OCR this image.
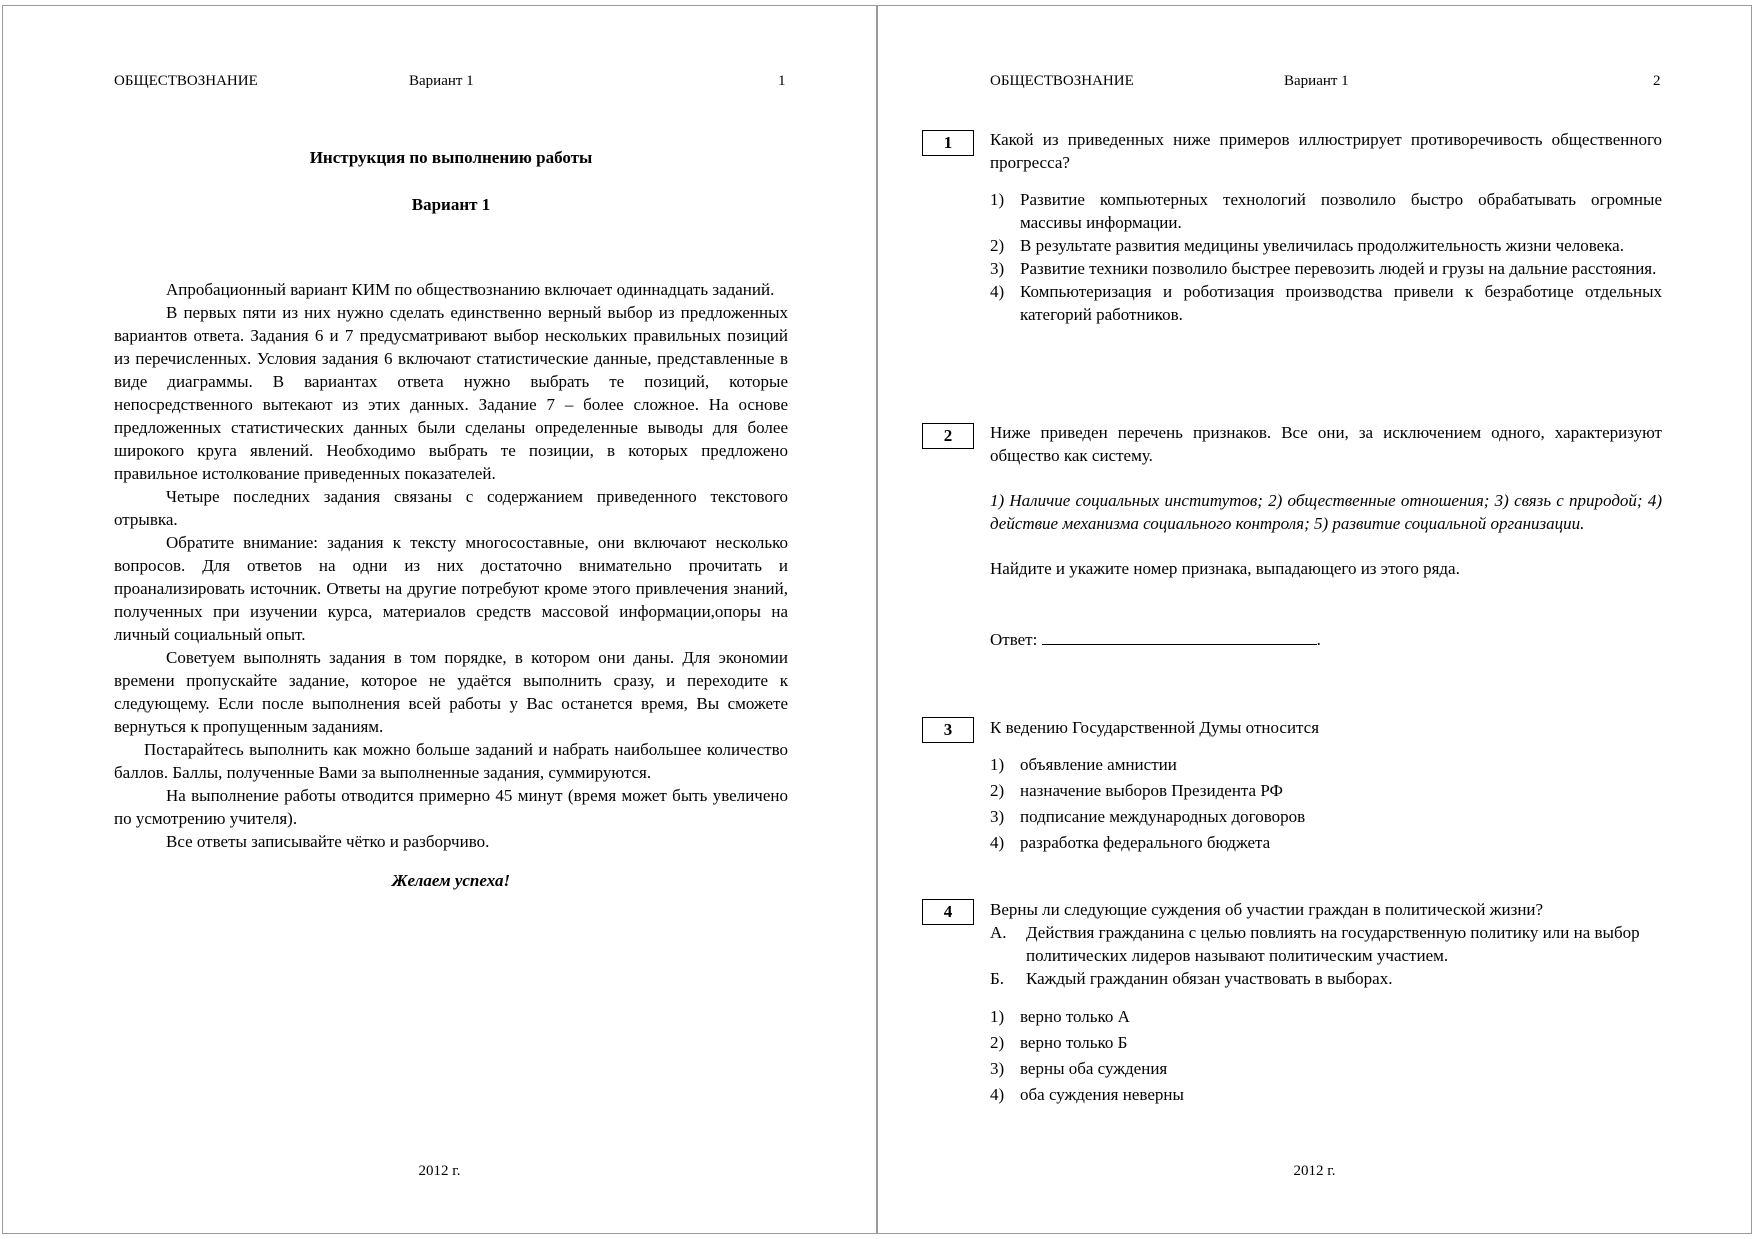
ОБЩЕСТВОЗНАНИЕ	Вариант 1	1
Инструкция по выполнению работы
Вариант 1

Апробационный вариант КИМ по обществознанию включает одиннадцать заданий.

В первых пяти из них нужно сделать единственно верный выбор из предложенных вариантов ответа. Задания 6 и 7 предусматривают выбор нескольких правильных позиций из перечисленных. Условия задания 6 включают статистические данные, представленные в виде диаграммы. В вариантах ответа нужно выбрать те позиций, которые непосредственного вытекают из этих данных. Задание 7 – более сложное. На основе предложенных статистических данных были сделаны определенные выводы для более широкого круга явлений. Необходимо выбрать те позиции, в которых предложено правильное истолкование приведенных показателей.

Четыре последних задания связаны с содержанием приведенного текстового отрывка.

Обратите внимание: задания к тексту многосоставные, они включают несколько вопросов. Для ответов на одни из них достаточно внимательно прочитать и проанализировать источник. Ответы на другие потребуют кроме этого привлечения знаний, полученных при изучении курса, материалов средств массовой информации,опоры на личный социальный опыт.

Советуем выполнять задания в том порядке, в котором они даны. Для экономии времени пропускайте задание, которое не удаётся выполнить сразу, и переходите к следующему. Если после выполнения всей работы у Вас останется время, Вы сможете вернуться к пропущенным заданиям.

Постарайтесь выполнить как можно больше заданий и набрать наибольшее количество баллов. Баллы, полученные Вами за выполненные задания, суммируются.

На выполнение работы отводится примерно 45 минут (время может быть увеличено по усмотрению учителя).

Все ответы записывайте чётко и разборчиво.

Желаем успеха!
2012 г.
ОБЩЕСТВОЗНАНИЕ	Вариант 1	2
1	Какой из приведенных ниже примеров иллюстрирует противоречивость общественного прогресса?

1) Развитие компьютерных технологий позволило быстро обрабатывать огромные массивы информации.
2) В результате развития медицины увеличилась продолжительность жизни человека.
3) Развитие техники позволило быстрее перевозить людей и грузы на дальние расстояния.
4) Компьютеризация и роботизация производства привели к безработице отдельных категорий работников.
2	Ниже приведен перечень признаков. Все они, за исключением одного, характеризуют общество как систему.

1) Наличие социальных институтов; 2) общественные отношения; 3) связь с природой; 4) действие механизма социального контроля; 5) развитие социальной организации.

Найдите и укажите номер признака, выпадающего из этого ряда.

Ответ:	.
3	К ведению Государственной Думы относится

1) объявление амнистии
2) назначение выборов Президента РФ
3) подписание международных договоров
4) разработка федерального бюджета
4	Верны ли следующие суждения об участии граждан в политической жизни?

А.	Действия гражданина с целью повлиять на государственную политику или на выбор политических лидеров называют политическим участием.
Б.	Каждый гражданин обязан участвовать в выборах.
1) верно только А
2) верно только Б
3) верны оба суждения
4) оба суждения неверны
2012 г.
